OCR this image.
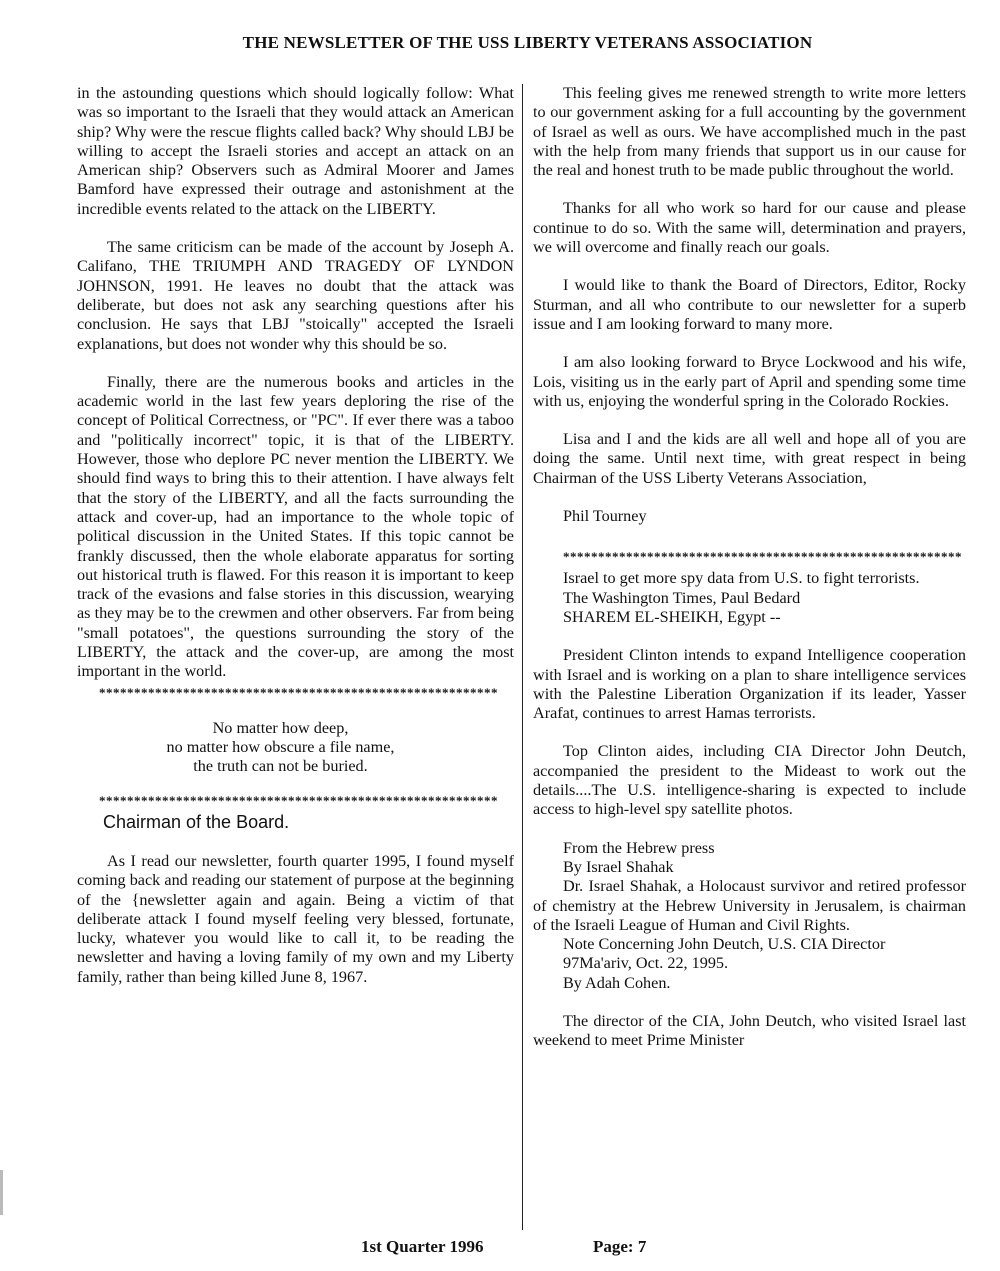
THE NEWSLETTER OF THE USS LIBERTY VETERANS ASSOCIATION

in the astounding questions which should logically follow: What was so important to the Israeli that they would attack an American ship? Why were the rescue flights called back? Why should LBJ be willing to accept the Israeli stories and accept an attack on an American ship? Observers such as Admiral Moorer and James Bamford have expressed their outrage and astonishment at the incredible events related to the attack on the LIBERTY.

The same criticism can be made of the account by Joseph A. Califano, THE TRIUMPH AND TRAGEDY OF LYNDON JOHNSON, 1991. He leaves no doubt that the attack was deliberate, but does not ask any searching questions after his conclusion. He says that LBJ "stoically" accepted the Israeli explanations, but does not wonder why this should be so.

Finally, there are the numerous books and articles in the academic world in the last few years deploring the rise of the concept of Political Correctness, or "PC". If ever there was a taboo and "politically incorrect" topic, it is that of the LIBERTY. However, those who deplore PC never mention the LIBERTY. We should find ways to bring this to their attention. I have always felt that the story of the LIBERTY, and all the facts surrounding the attack and cover-up, had an importance to the whole topic of political discussion in the United States. If this topic cannot be frankly discussed, then the whole elaborate apparatus for sorting out historical truth is flawed. For this reason it is important to keep track of the evasions and false stories in this discussion, wearying as they may be to the crewmen and other observers. Far from being "small potatoes", the questions surrounding the story of the LIBERTY, the attack and the cover-up, are among the most important in the world.

*********************************************************
No matter how deep,
no matter how obscure a file name,
the truth can not be buried.
*********************************************************
Chairman of the Board.

As I read our newsletter, fourth quarter 1995, I found myself coming back and reading our statement of purpose at the beginning of the {newsletter again and again. Being a victim of that deliberate attack I found myself feeling very blessed, fortunate, lucky, whatever you would like to call it, to be reading the newsletter and having a loving family of my own and my Liberty family, rather than being killed June 8, 1967.

This feeling gives me renewed strength to write more letters to our government asking for a full accounting by the government of Israel as well as ours. We have accomplished much in the past with the help from many friends that support us in our cause for the real and honest truth to be made public throughout the world.

Thanks for all who work so hard for our cause and please continue to do so. With the same will, determination and prayers, we will overcome and finally reach our goals.

I would like to thank the Board of Directors, Editor, Rocky Sturman, and all who contribute to our newsletter for a superb issue and I am looking forward to many more.

I am also looking forward to Bryce Lockwood and his wife, Lois, visiting us in the early part of April and spending some time with us, enjoying the wonderful spring in the Colorado Rockies.

Lisa and I and the kids are all well and hope all of you are doing the same. Until next time, with great respect in being Chairman of the USS Liberty Veterans Association,

Phil Tourney
*********************************************************

Israel to get more spy data from U.S. to fight terrorists.

The Washington Times, Paul Bedard
SHAREM EL-SHEIKH, Egypt --

President Clinton intends to expand Intelligence cooperation with Israel and is working on a plan to share intelligence services with the Palestine Liberation Organization if its leader, Yasser Arafat, continues to arrest Hamas terrorists.

Top Clinton aides, including CIA Director John Deutch, accompanied the president to the Mideast to work out the details....The U.S. intelligence-sharing is expected to include access to high-level spy satellite photos.

From the Hebrew press
By Israel Shahak

Dr. Israel Shahak, a Holocaust survivor and retired professor of chemistry at the Hebrew University in Jerusalem, is chairman of the Israeli League of Human and Civil Rights.

Note Concerning John Deutch, U.S. CIA Director
97Ma'ariv, Oct. 22, 1995.
By Adah Cohen.

The director of the CIA, John Deutch, who visited Israel last weekend to meet Prime Minister

1st Quarter 1996	Page: 7
